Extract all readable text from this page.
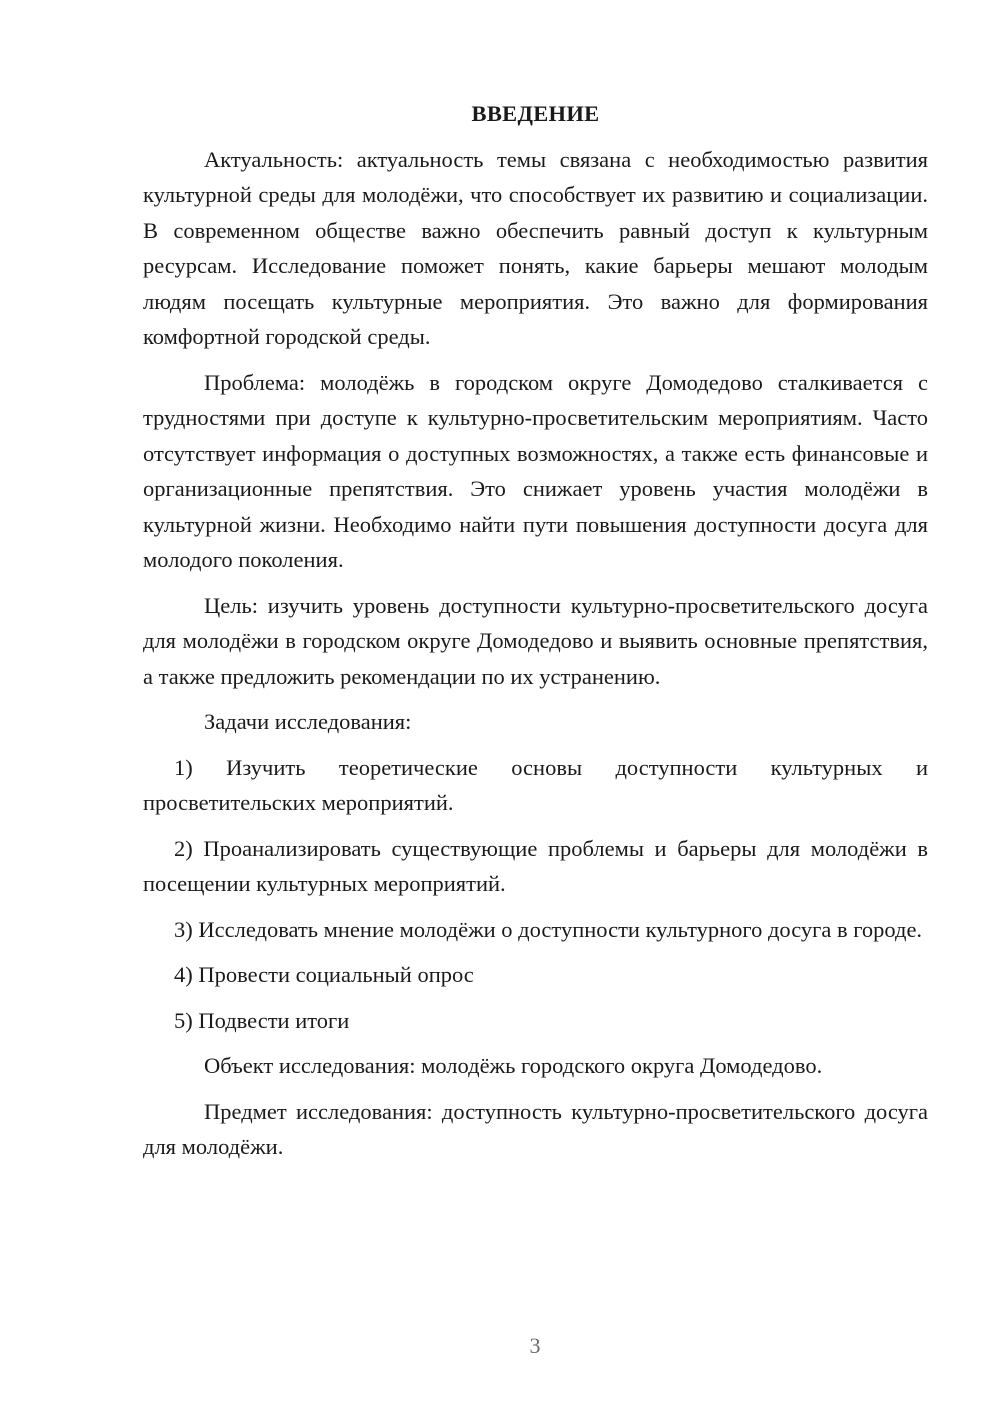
ВВЕДЕНИЕ

Актуальность: актуальность темы связана с необходимостью развития культурной среды для молодёжи, что способствует их развитию и социализации. В современном обществе важно обеспечить равный доступ к культурным ресурсам. Исследование поможет понять, какие барьеры мешают молодым людям посещать культурные мероприятия. Это важно для формирования комфортной городской среды.

Проблема: молодёжь в городском округе Домодедово сталкивается с трудностями при доступе к культурно-просветительским мероприятиям. Часто отсутствует информация о доступных возможностях, а также есть финансовые и организационные препятствия. Это снижает уровень участия молодёжи в культурной жизни. Необходимо найти пути повышения доступности досуга для молодого поколения.

Цель: изучить уровень доступности культурно-просветительского досуга для молодёжи в городском округе Домодедово и выявить основные препятствия, а также предложить рекомендации по их устранению.

Задачи исследования:

1) Изучить теоретические основы доступности культурных и просветительских мероприятий.

2) Проанализировать существующие проблемы и барьеры для молодёжи в посещении культурных мероприятий.

3) Исследовать мнение молодёжи о доступности культурного досуга в городе.

4) Провести социальный опрос

5) Подвести итоги

Объект исследования: молодёжь городского округа Домодедово.

Предмет исследования: доступность культурно-просветительского досуга для молодёжи.

3
